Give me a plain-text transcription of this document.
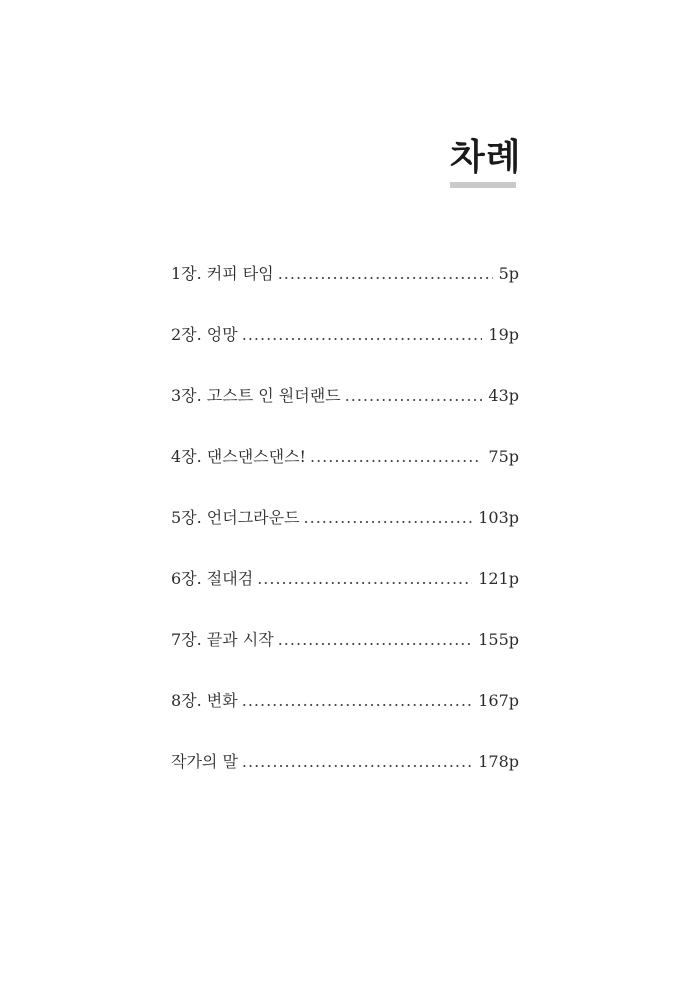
차례
1장. 커피 타임 .....	5p
2장. 엉망 .....	19p
3장. 고스트 인 원더랜드 .....	43p
4장. 댄스댄스댄스! .....	75p
5장. 언더그라운드 .....	103p
6장. 절대검 .....	121p
7장. 끝과 시작 .....	155p
8장. 변화 .....	167p
작가의 말 .....	178p
